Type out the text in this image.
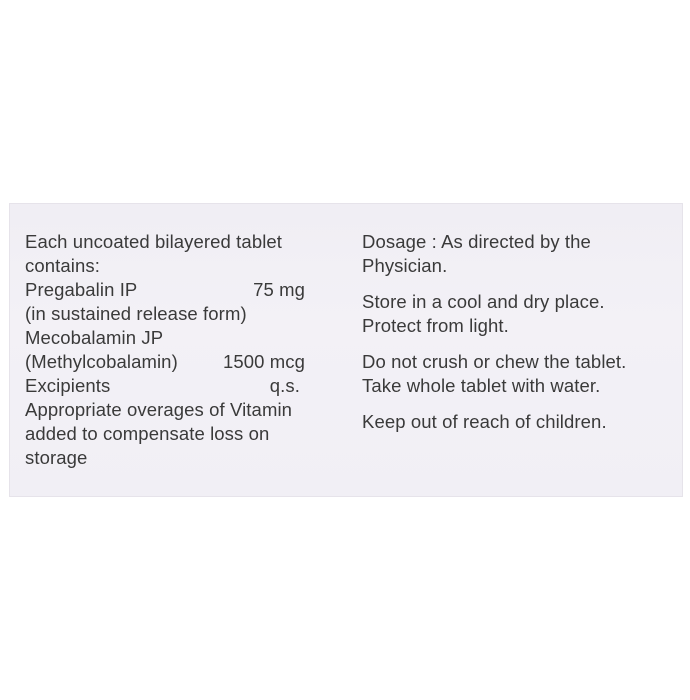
Each uncoated bilayered tablet
contains:
Pregabalin IP	75 mg
(in sustained release form)
Mecobalamin JP
(Methylcobalamin) 1500 mcg
Excipients	q.s.
Appropriate overages of Vitamin
added to compensate loss on
storage
Dosage : As directed by the
Physician.
Store in a cool and dry place.
Protect from light.
Do not crush or chew the tablet.
Take whole tablet with water.
Keep out of reach of children.
